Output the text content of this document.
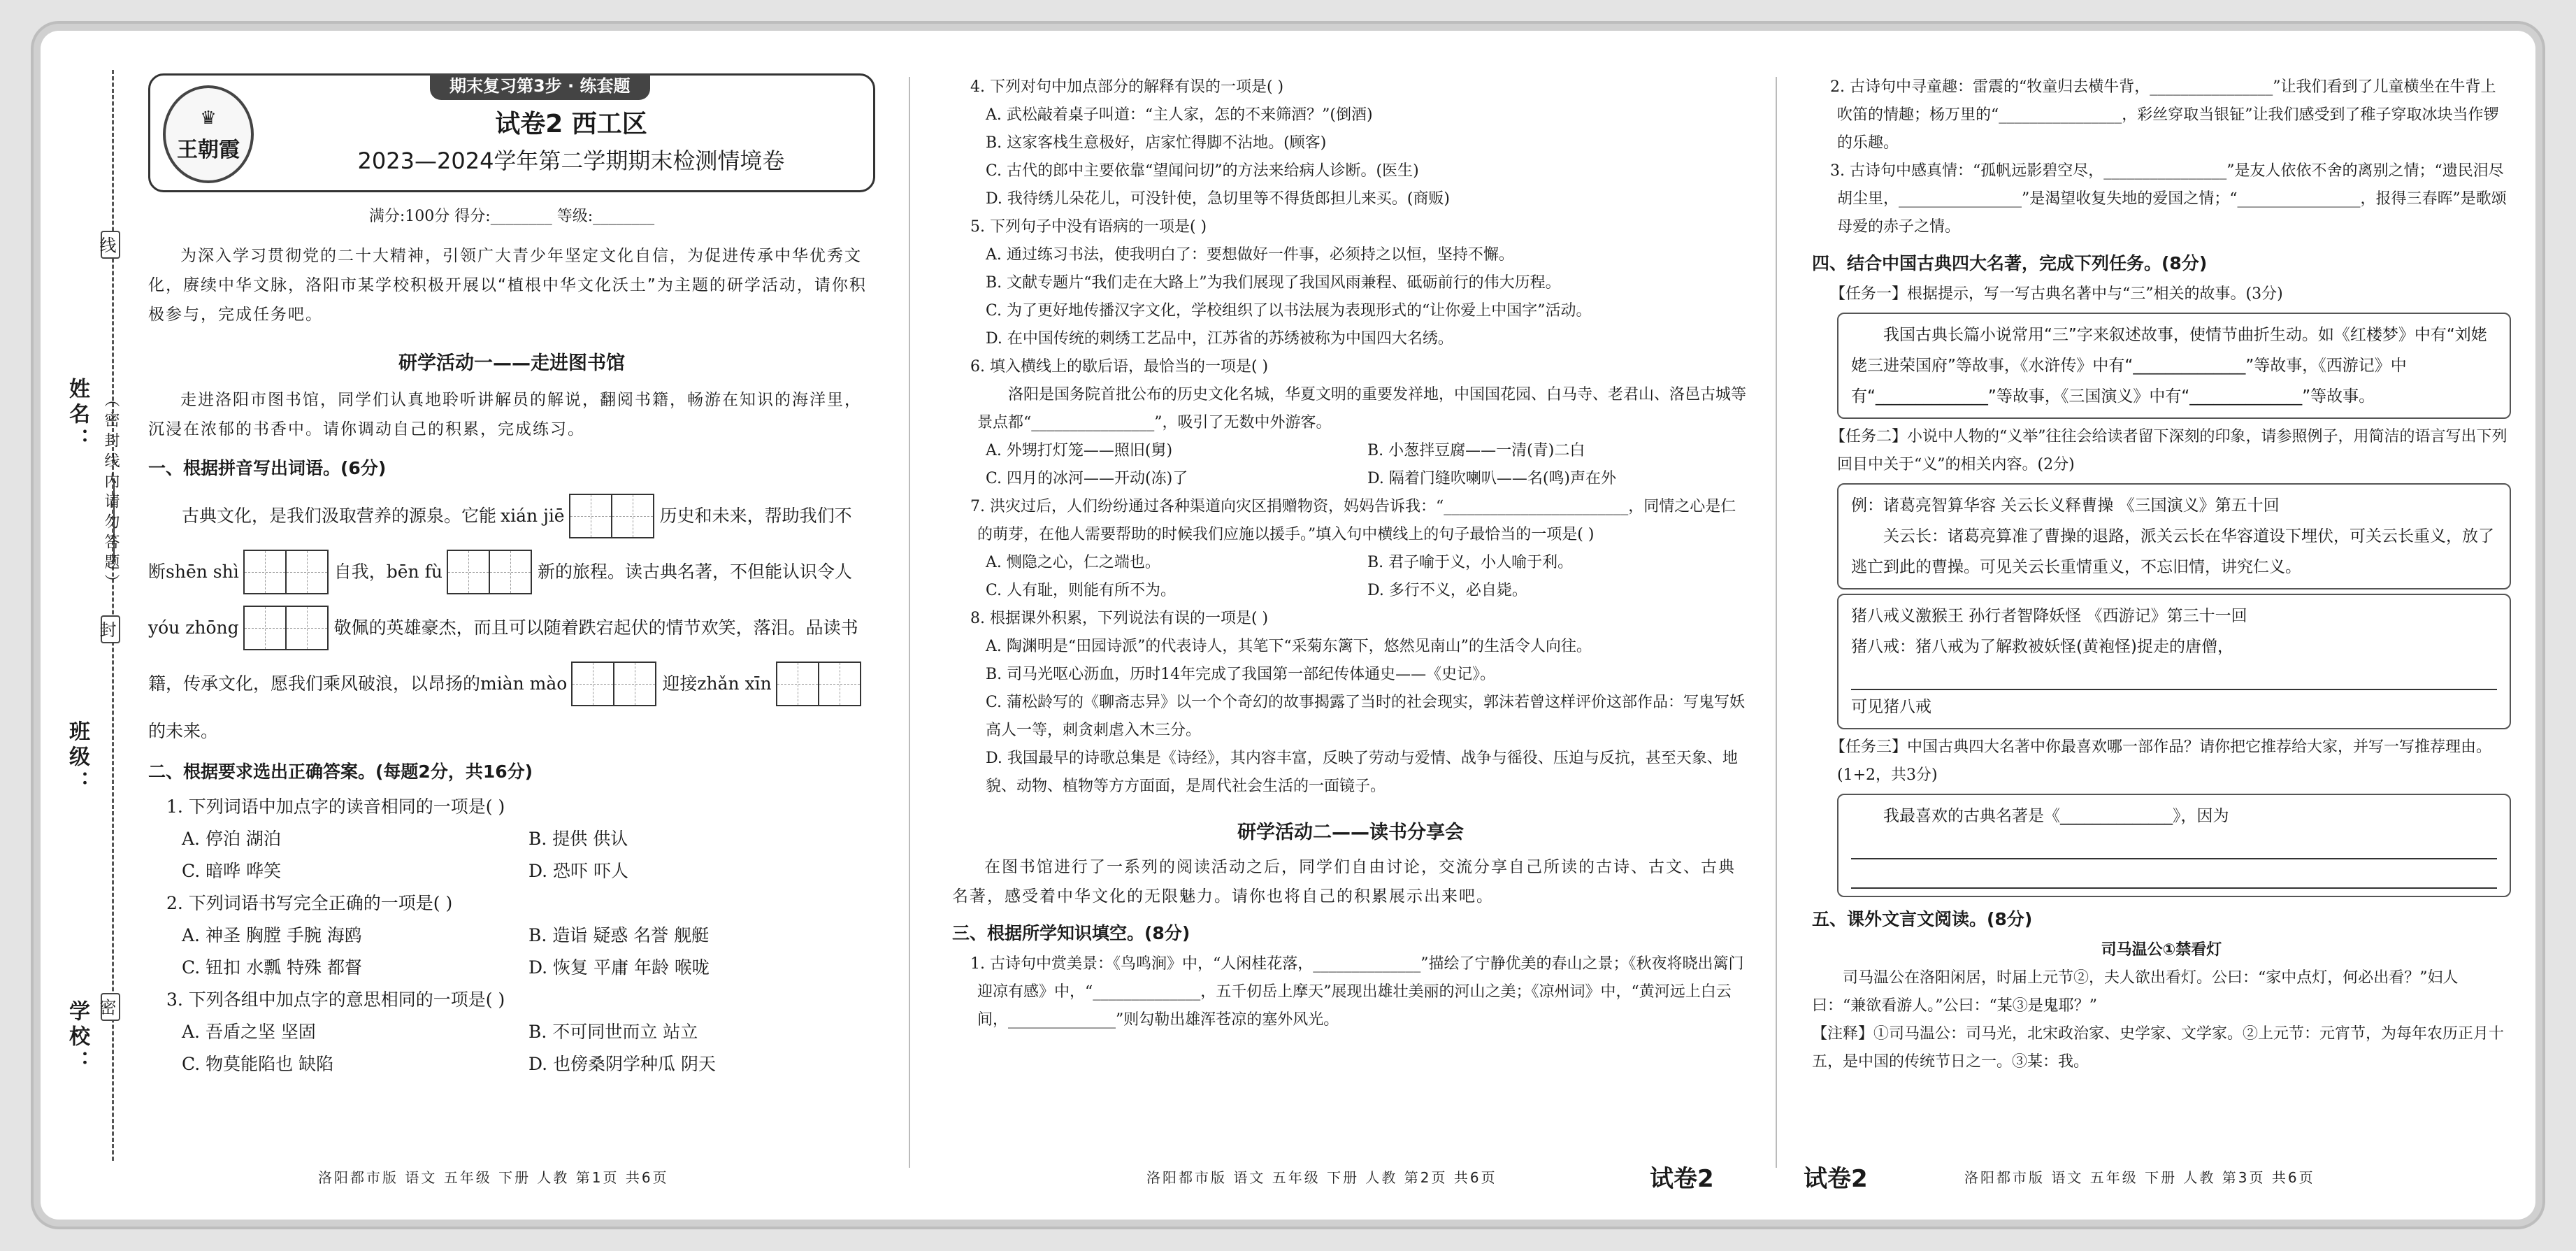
姓名：
班级：
学校：
线
封
密
（ 密 封 线 内 请 勿 答 题 ）
♛
王朝霞
期末复习第3步 · 练套题
试卷2 西工区
2023—2024学年第二学期期末检测情境卷
满分:100分 得分:________ 等级:________
为深入学习贯彻党的二十大精神，引领广大青少年坚定文化自信，为促进传承中华优秀文化，赓续中华文脉，洛阳市某学校积极开展以“植根中华文化沃土”为主题的研学活动，请你积极参与，完成任务吧。
研学活动一——走进图书馆
走进洛阳市图书馆，同学们认真地聆听讲解员的解说，翻阅书籍，畅游在知识的海洋里，沉浸在浓郁的书香中。请你调动自己的积累，完成练习。
一、根据拼音写出词语。(6分)
古典文化，是我们汲取营养的源泉。它能 xián jiē	历史和未来，帮助我们不
断 shēn shì	自我， bēn fù	新的旅程。读古典名著，不但能认识令人
yóu zhōng	敬佩的英雄豪杰，而且可以随着跌宕起伏的情节欢笑，落泪。品读书
籍，传承文化，愿我们乘风破浪，以昂扬的 miàn mào	迎接 zhǎn xīn
的未来。
二、根据要求选出正确答案。(每题2分，共16分)
1. 下列词语中加点字的读音相同的一项是( )
A. 停泊 湖泊	B. 提供 供认
C. 暗哗 哗笑	D. 恐吓 吓人
2. 下列词语书写完全正确的一项是( )
A. 神圣 胸膛 手腕 海鸥	B. 造诣 疑惑 名誉 舰艇
C. 钮扣 水瓢 特殊 都督	D. 恢复 平庸 年龄 喉咙
3. 下列各组中加点字的意思相同的一项是( )
A. 吾盾之坚 坚固	B. 不可同世而立 站立
C. 物莫能陷也 缺陷	D. 也傍桑阴学种瓜 阴天
洛阳都市版 语文 五年级 下册 人教 第1页 共6页
4. 下列对句中加点部分的解释有误的一项是( )
A. 武松敲着桌子叫道：“主人家，怎的不来筛酒？”(倒酒)
B. 这家客栈生意极好，店家忙得脚不沾地。(顾客)
C. 古代的郎中主要依靠“望闻问切”的方法来给病人诊断。(医生)
D. 我待绣儿朵花儿，可没针使，急切里等不得货郎担儿来买。(商贩)
5. 下列句子中没有语病的一项是( )
A. 通过练习书法，使我明白了：要想做好一件事，必须持之以恒，坚持不懈。
B. 文献专题片“我们走在大路上”为我们展现了我国风雨兼程、砥砺前行的伟大历程。
C. 为了更好地传播汉字文化，学校组织了以书法展为表现形式的“让你爱上中国字”活动。
D. 在中国传统的刺绣工艺品中，江苏省的苏绣被称为中国四大名绣。
6. 填入横线上的歇后语，最恰当的一项是( )
洛阳是国务院首批公布的历史文化名城，华夏文明的重要发祥地，中国国花园、白马寺、老君山、洛邑古城等景点都“________________”，吸引了无数中外游客。
A. 外甥打灯笼——照旧(舅)	B. 小葱拌豆腐——一清(青)二白
C. 四月的冰河——开动(冻)了	D. 隔着门缝吹喇叭——名(鸣)声在外
7. 洪灾过后，人们纷纷通过各种渠道向灾区捐赠物资，妈妈告诉我：“________________________，同情之心是仁的萌芽，在他人需要帮助的时候我们应施以援手。”填入句中横线上的句子最恰当的一项是( )
A. 恻隐之心，仁之端也。	B. 君子喻于义，小人喻于利。
C. 人有耻，则能有所不为。	D. 多行不义，必自毙。
8. 根据课外积累，下列说法有误的一项是( )
A. 陶渊明是“田园诗派”的代表诗人，其笔下“采菊东篱下，悠然见南山”的生活令人向往。
B. 司马光呕心沥血，历时14年完成了我国第一部纪传体通史——《史记》。
C. 蒲松龄写的《聊斋志异》以一个个奇幻的故事揭露了当时的社会现实，郭沫若曾这样评价这部作品：写鬼写妖高人一等，刺贪刺虐入木三分。
D. 我国最早的诗歌总集是《诗经》，其内容丰富，反映了劳动与爱情、战争与徭役、压迫与反抗，甚至天象、地貌、动物、植物等方方面面，是周代社会生活的一面镜子。
研学活动二——读书分享会
在图书馆进行了一系列的阅读活动之后，同学们自由讨论，交流分享自己所读的古诗、古文、古典名著，感受着中华文化的无限魅力。请你也将自己的积累展示出来吧。
三、根据所学知识填空。(8分)
1. 古诗句中赏美景：《鸟鸣涧》中，“人闲桂花落，______________”描绘了宁静优美的春山之景；《秋夜将晓出篱门迎凉有感》中，“______________，五千仞岳上摩天”展现出雄壮美丽的河山之美；《凉州词》中，“黄河远上白云间，______________”则勾勒出雄浑苍凉的塞外风光。
洛阳都市版 语文 五年级 下册 人教 第2页 共6页	试卷2
2. 古诗句中寻童趣：雷震的“牧童归去横牛背，________________”让我们看到了儿童横坐在牛背上吹笛的情趣；杨万里的“________________，彩丝穿取当银钲”让我们感受到了稚子穿取冰块当作锣的乐趣。
3. 古诗句中感真情：“孤帆远影碧空尽，________________”是友人依依不舍的离别之情；“遗民泪尽胡尘里，________________”是渴望收复失地的爱国之情；“________________，报得三春晖”是歌颂母爱的赤子之情。
四、结合中国古典四大名著，完成下列任务。(8分)
【任务一】根据提示，写一写古典名著中与“三”相关的故事。(3分)
我国古典长篇小说常用“三”字来叙述故事，使情节曲折生动。如《红楼梦》中有“刘姥姥三进荣国府”等故事，《水浒传》中有“______________”等故事，《西游记》中有“______________”等故事，《三国演义》中有“______________”等故事。
【任务二】小说中人物的“义举”往往会给读者留下深刻的印象，请参照例子，用简洁的语言写出下列回目中关于“义”的相关内容。(2分)
例：诸葛亮智算华容 关云长义释曹操 《三国演义》第五十回
关云长：诸葛亮算准了曹操的退路，派关云长在华容道设下埋伏，可关云长重义，放了逃亡到此的曹操。可见关云长重情重义，不忘旧情，讲究仁义。
猪八戒义激猴王 孙行者智降妖怪 《西游记》第三十一回
猪八戒：猪八戒为了解救被妖怪(黄袍怪)捉走的唐僧，
可见猪八戒
【任务三】中国古典四大名著中你最喜欢哪一部作品？请你把它推荐给大家，并写一写推荐理由。(1+2，共3分)
我最喜欢的古典名著是《______________》，因为
五、课外文言文阅读。(8分)
司马温公①禁看灯
司马温公在洛阳闲居，时届上元节②，夫人欲出看灯。公曰：“家中点灯，何必出看？”妇人曰：“兼欲看游人。”公曰：“某③是鬼耶？”
【注释】①司马温公：司马光，北宋政治家、史学家、文学家。②上元节：元宵节，为每年农历正月十五，是中国的传统节日之一。③某：我。
试卷2	洛阳都市版 语文 五年级 下册 人教 第3页 共6页
